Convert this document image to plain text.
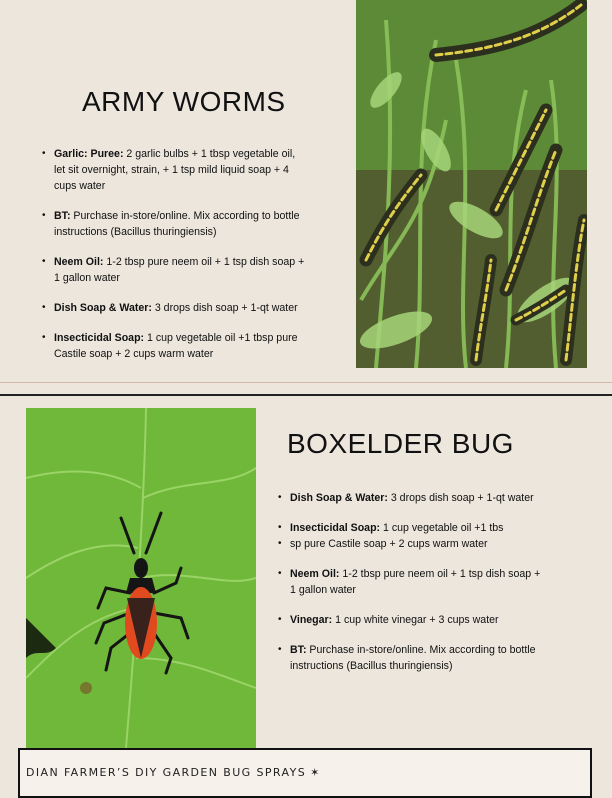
ARMY WORMS
• Garlic: Puree: 2 garlic bulbs + 1 tbsp vegetable oil,
let sit overnight, strain, + 1 tsp mild liquid soap + 4
cups water
• BT: Purchase in-store/online. Mix according to bottle
instructions (Bacillus thuringiensis)
• Neem Oil: 1-2 tbsp pure neem oil + 1 tsp dish soap +
1 gallon water
• Dish Soap & Water: 3 drops dish soap + 1-qt water
• Insecticidal Soap: 1 cup vegetable oil +1 tbsp pure
Castile soap + 2 cups warm water
BOXELDER BUG
• Dish Soap & Water: 3 drops dish soap + 1-qt water
• Insecticidal Soap: 1 cup vegetable oil +1 tbs
• sp pure Castile soap + 2 cups warm water
• Neem Oil: 1-2 tbsp pure neem oil + 1 tsp dish soap +
1 gallon water
• Vinegar: 1 cup white vinegar + 3 cups water
• BT: Purchase in-store/online. Mix according to bottle
instructions (Bacillus thuringiensis)
DIAN FARMER’S DIY GARDEN BUG SPRAYS ✶
